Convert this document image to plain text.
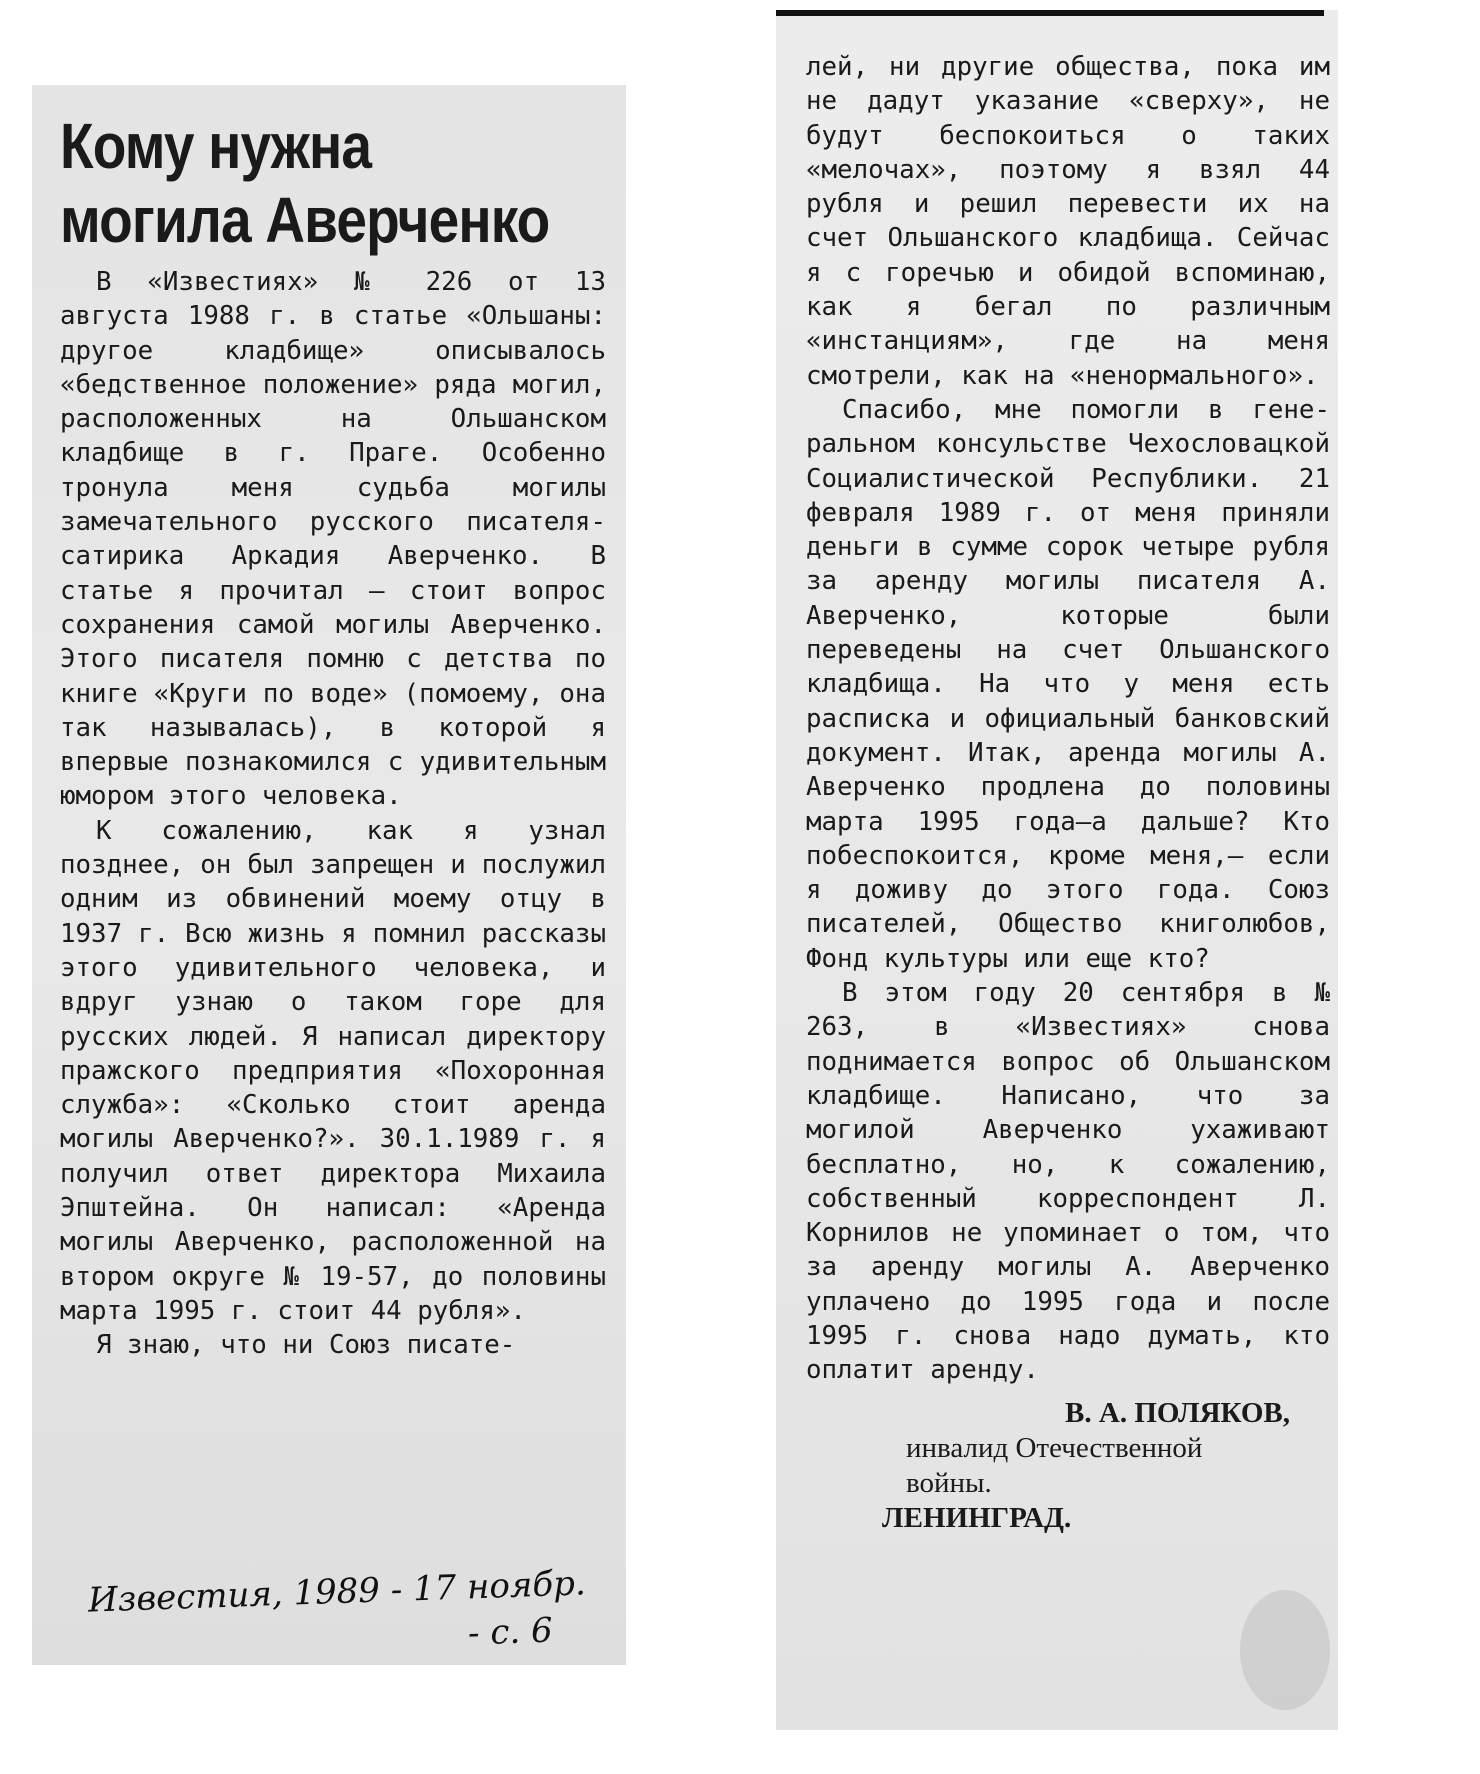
Кому нужна
могила Аверченко

В «Известиях» № 226 от 13 августа 1988 г. в статье «Ольшаны: другое кладбище» описывалось «бедственное положение» ряда могил, расположенных на Ольшанском кладбище в г. Праге. Особенно тронула меня судьба могилы замечательного русского писателя-сатирика Аркадия Аверченко. В статье я прочитал — стоит вопрос сохранения самой могилы Аверченко. Этого писателя помню с детства по книге «Круги по воде» (помоему, она так называлась), в которой я впервые познакомился с удивительным юмором этого человека.

К сожалению, как я узнал позднее, он был запрещен и послужил одним из обвинений моему отцу в 1937 г. Всю жизнь я помнил рассказы этого удивительного человека, и вдруг узнаю о таком горе для русских людей. Я написал директору пражского предприятия «Похоронная служба»: «Сколько стоит аренда могилы Аверченко?». 30.1.1989 г. я получил ответ директора Михаила Эпштейна. Он написал: «Аренда могилы Аверченко, расположенной на втором округе № 19-57, до половины марта 1995 г. стоит 44 рубля».

Я знаю, что ни Союз писате-

Известия, 1989 - 17 ноябр.
- с. 6

лей, ни другие общества, пока им не дадут указание «сверху», не будут беспокоиться о таких «мелочах», поэтому я взял 44 рубля и решил перевести их на счет Ольшанского кладбища. Сейчас я с горечью и обидой вспоминаю, как я бегал по различным «инстанциям», где на меня смотрели, как на «ненормального».

Спасибо, мне помогли в генеральном консульстве Чехословацкой Социалистической Республики. 21 февраля 1989 г. от меня приняли деньги в сумме сорок четыре рубля за аренду могилы писателя А. Аверченко, которые были переведены на счет Ольшанского кладбища. На что у меня есть расписка и официальный банковский документ. Итак, аренда могилы А. Аверченко продлена до половины марта 1995 года—а дальше? Кто побеспокоится, кроме меня,— если я доживу до этого года. Союз писателей, Общество книголюбов, Фонд культуры или еще кто?

В этом году 20 сентября в № 263, в «Известиях» снова поднимается вопрос об Ольшанском кладбище. Написано, что за могилой Аверченко ухаживают бесплатно, но, к сожалению, собственный корреспондент Л. Корнилов не упоминает о том, что за аренду могилы А. Аверченко уплачено до 1995 года и после 1995 г. снова надо думать, кто оплатит аренду.

В. А. ПОЛЯКОВ,
инвалид Отечественной
войны.
ЛЕНИНГРАД.
